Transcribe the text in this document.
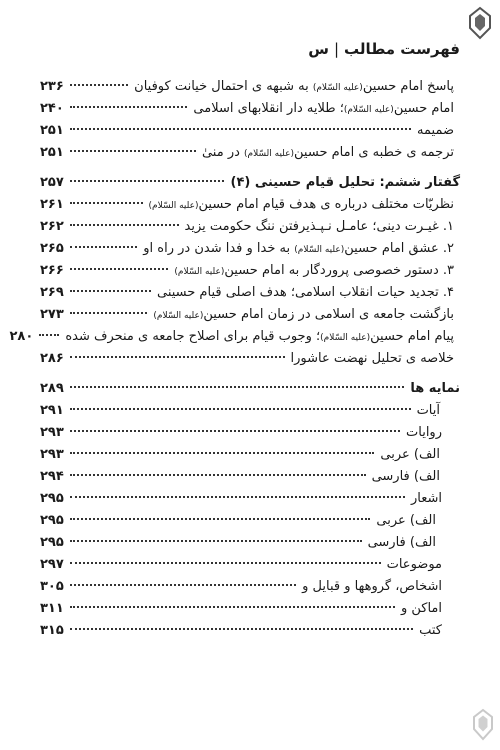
فهرست مطالب|س
پاسخ امام حسین(علیه السّلام) به شبهه ی احتمال خیانت کوفیان
۲۳۶
امام حسین(علیه السّلام)؛ طلایه دار انقلابهای اسلامی
۲۴۰
ضمیمه
۲۵۱
ترجمه ی خطبه ی امام حسین(علیه السّلام) در منیٰ
۲۵۱
گفتار ششم: تحلیل قیام حسینی (۴)
۲۵۷
نظریّات مختلف درباره ی هدف قیام امام حسین(علیه السّلام)
۲۶۱
۱. غیـرت دینی؛ عامـل نـپـذیرفتن ننگ حکومت یزید
۲۶۲
۲. عشق امام حسین(علیه السّلام) به خدا و فدا شدن در راه او
۲۶۵
۳. دستور خصوصی پروردگار به امام حسین(علیه السّلام)
۲۶۶
۴. تجدید حیات انقلاب اسلامی؛ هدف اصلی قیام حسینی
۲۶۹
بازگشت جامعه ی اسلامی در زمان امام حسین(علیه السّلام)
۲۷۳
پیام امام حسین(علیه السّلام)؛ وجوب قیام برای اصلاح جامعه ی منحرف شده
۲۸۰
خلاصه ی تحلیل نهضت عاشورا
۲۸۶
نمایه ها
۲۸۹
آیات
۲۹۱
روایات
۲۹۳
الف) عربی
۲۹۳
الف) فارسی
۲۹۴
اشعار
۲۹۵
الف) عربی
۲۹۵
الف) فارسی
۲۹۵
موضوعات
۲۹۷
اشخاص، گروهها و قبایل و
۳۰۵
اماکن و
۳۱۱
کتب
۳۱۵
